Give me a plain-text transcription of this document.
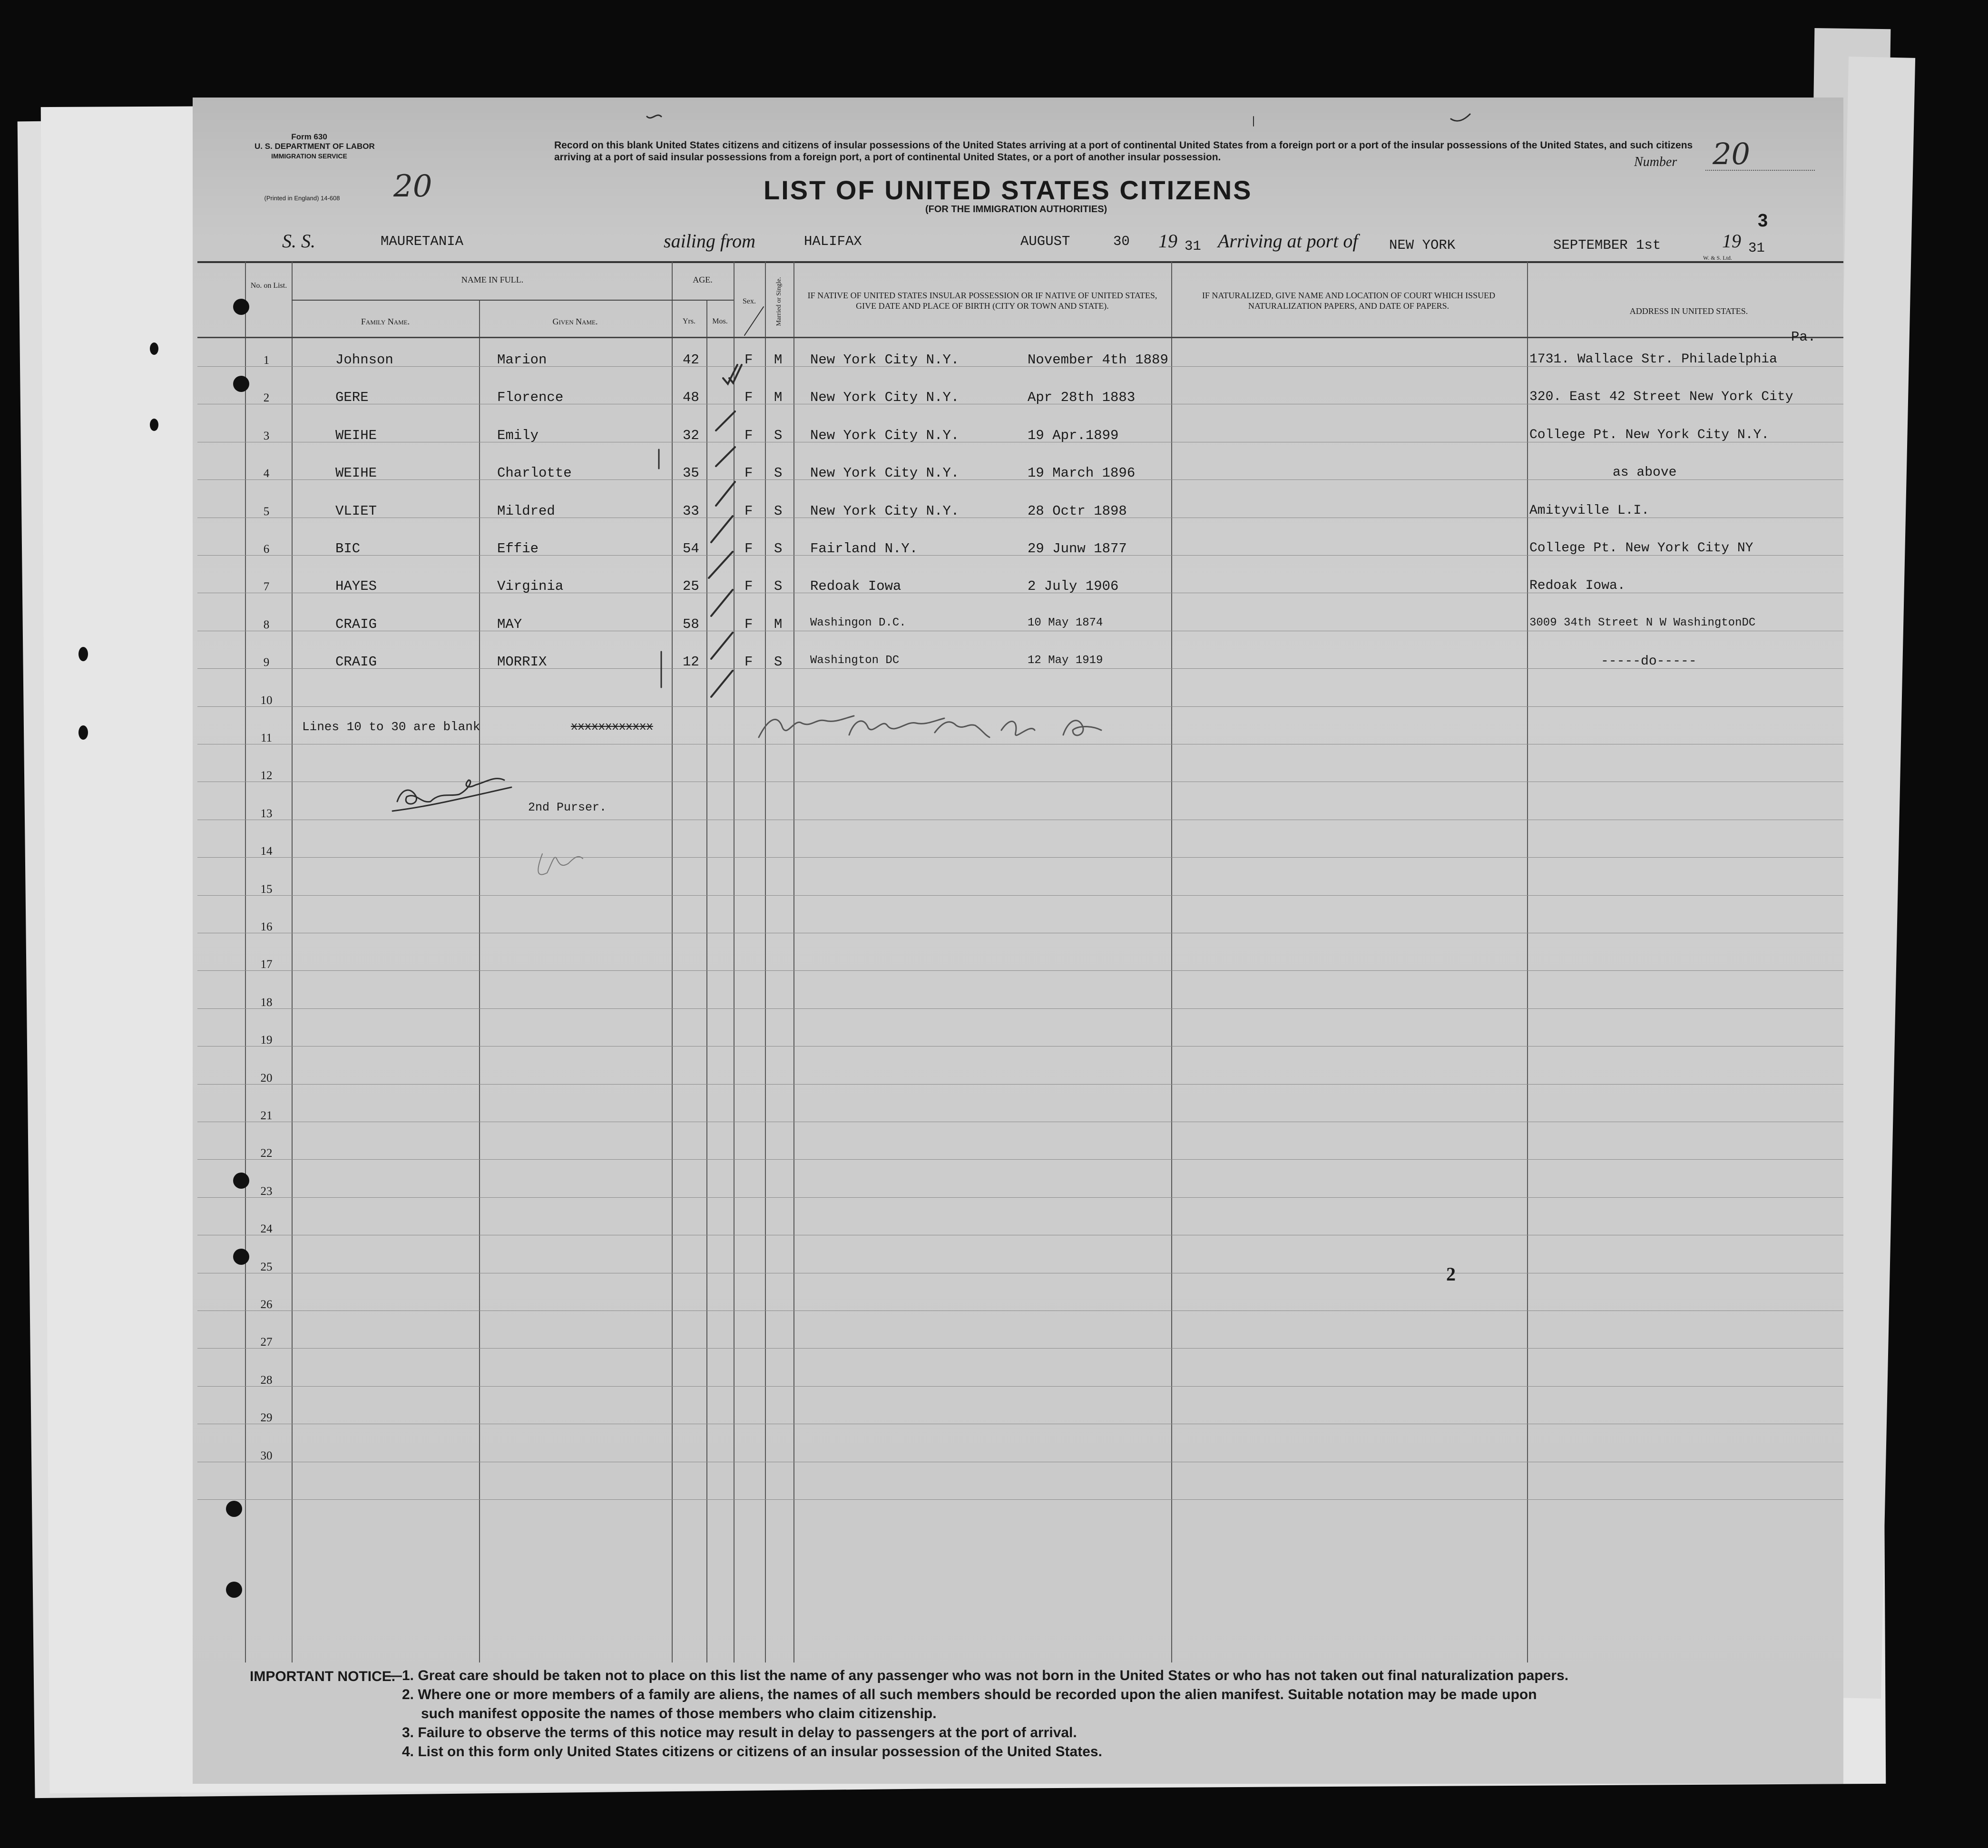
Form 630
U. S. DEPARTMENT OF LABOR
IMMIGRATION SERVICE
(Printed in England) 14-608 20
Record on this blank United States citizens and citizens of insular possessions of the United States arriving at a port of continental United States from a foreign port or a port of the insular possessions of the United States, and such citizens arriving at a port of said insular possessions from a foreign port, a port of continental United States, or a port of another insular possession.	Number 20
LIST OF UNITED STATES CITIZENS
(FOR THE IMMIGRATION AUTHORITIES)
S. S.	MAURETANIA	sailing from	HALIFAX	AUGUST	30 19 31 Arriving at port of NEW YORK	SEPTEMBER 1st	19 31
3
W. & S. Ltd.
No. on List.
NAME IN FULL.
Family Name.	Given Name.
AGE.
Yrs.	Mos.
Sex.	Married or Single.	IF NATIVE OF UNITED STATES INSULAR POSSESSION OR IF NATIVE OF UNITED STATES, GIVE DATE AND PLACE OF BIRTH (CITY OR TOWN AND STATE).
IF NATURALIZED, GIVE NAME AND LOCATION OF COURT WHICH ISSUED NATURALIZATION PAPERS, AND DATE OF PAPERS.
ADDRESS IN UNITED STATES.
1	Johnson	Marion	42	F M New York City N.Y.	November 4th 1889	1731. Wallace Str. Philadelphia
Pa.
2	GERE	Florence	48	F M New York City N.Y.	Apr 28th 1883	320. East 42 Street New York City
3	WEIHE	Emily	32	F S New York City N.Y.	19 Apr.1899	College Pt. New York City N.Y.
4	WEIHE	Charlotte	35	F S New York City N.Y.	19 March 1896	as above
5	VLIET	Mildred	33	F S New York City N.Y.	28 Octr 1898	Amityville L.I.
6	BIC	Effie	54	F S Fairland N.Y.	29 Junw 1877	College Pt. New York City NY
7	HAYES	Virginia	25	F S Redoak Iowa	2 July 1906	Redoak Iowa.
8	CRAIG	MAY	58	F M Washingon D.C.	10 May 1874	3009 34th Street N W WashingtonDC
9	CRAIG	MORRIX	12	F S Washington DC	12 May 1919	-----do-----
10
11
12
13
14
15
16
17
18
19
20
21
22
23
24
25
26
27
28
29
30
Lines 10 to 30 are blank	xxxxxxxxxxxx
2nd Purser.
2
IMPORTANT NOTICE.
—1. Great care should be taken not to place on this list the name of any passenger who was not born in the United States or who has not taken out final naturalization papers.
2. Where one or more members of a family are aliens, the names of all such members should be recorded upon the alien manifest. Suitable notation may be made upon
such manifest opposite the names of those members who claim citizenship.
3. Failure to observe the terms of this notice may result in delay to passengers at the port of arrival.
4. List on this form only United States citizens or citizens of an insular possession of the United States.
